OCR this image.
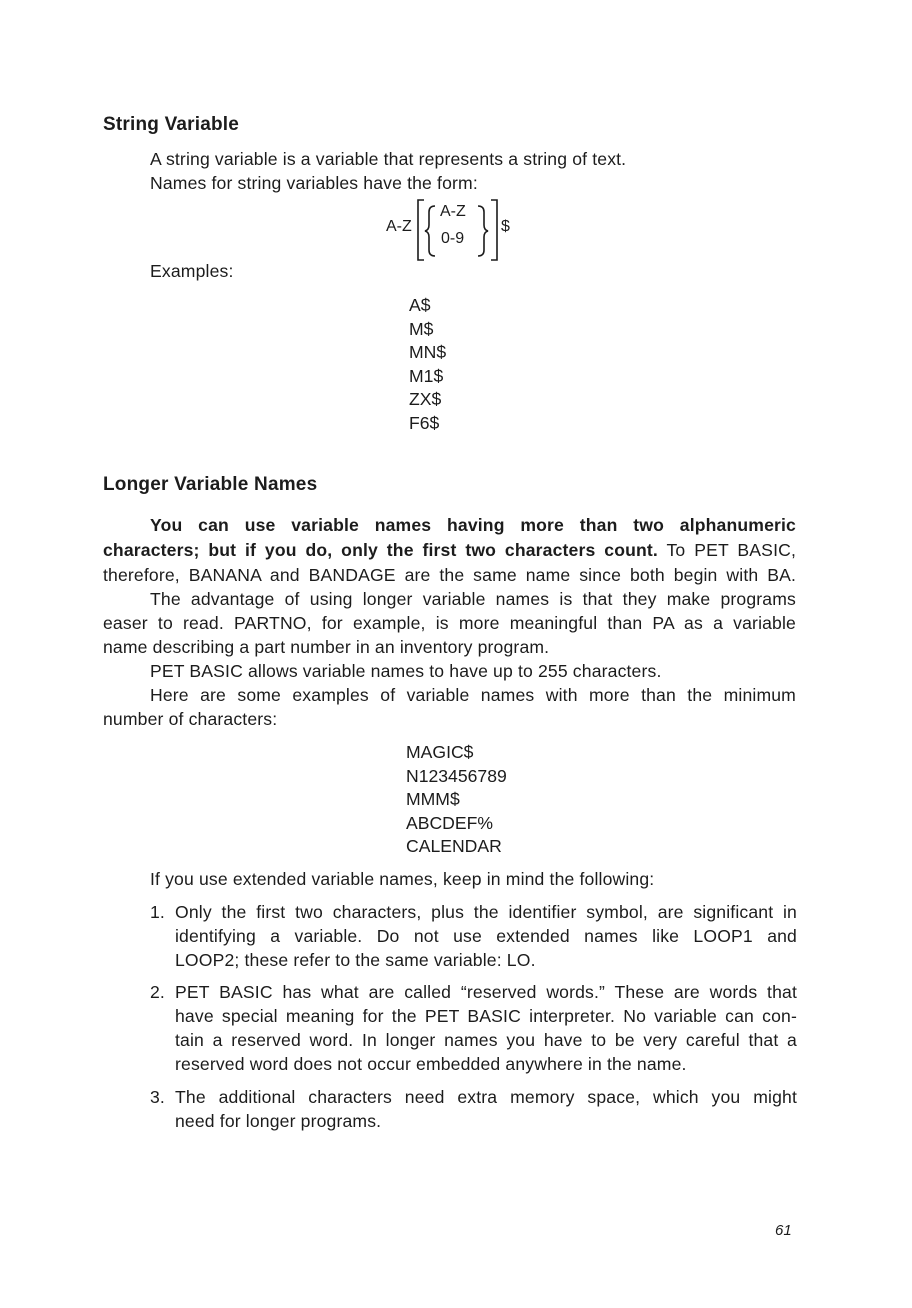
String Variable
A string variable is a variable that represents a string of text.
Names for string variables have the form:
A-Z
A-Z
0-9
$
Examples:
A$
M$
MN$
M1$
ZX$
F6$
Longer Variable Names
You can use variable names having more than two alphanumeric
characters; but if you do, only the first two characters count. To PET BASIC,
therefore, BANANA and BANDAGE are the same name since both begin with BA.
The advantage of using longer variable names is that they make programs
easer to read. PARTNO, for example, is more meaningful than PA as a variable
name describing a part number in an inventory program.
PET BASIC allows variable names to have up to 255 characters.
Here are some examples of variable names with more than the minimum
number of characters:
MAGIC$
N123456789
MMM$
ABCDEF%
CALENDAR
If you use extended variable names, keep in mind the following:
1. Only the first two characters, plus the identifier symbol, are significant in
identifying a variable. Do not use extended names like LOOP1 and
LOOP2; these refer to the same variable: LO.
2. PET BASIC has what are called “reserved words.” These are words that
have special meaning for the PET BASIC interpreter. No variable can con-
tain a reserved word. In longer names you have to be very careful that a
reserved word does not occur embedded anywhere in the name.
3. The additional characters need extra memory space, which you might
need for longer programs.
61
